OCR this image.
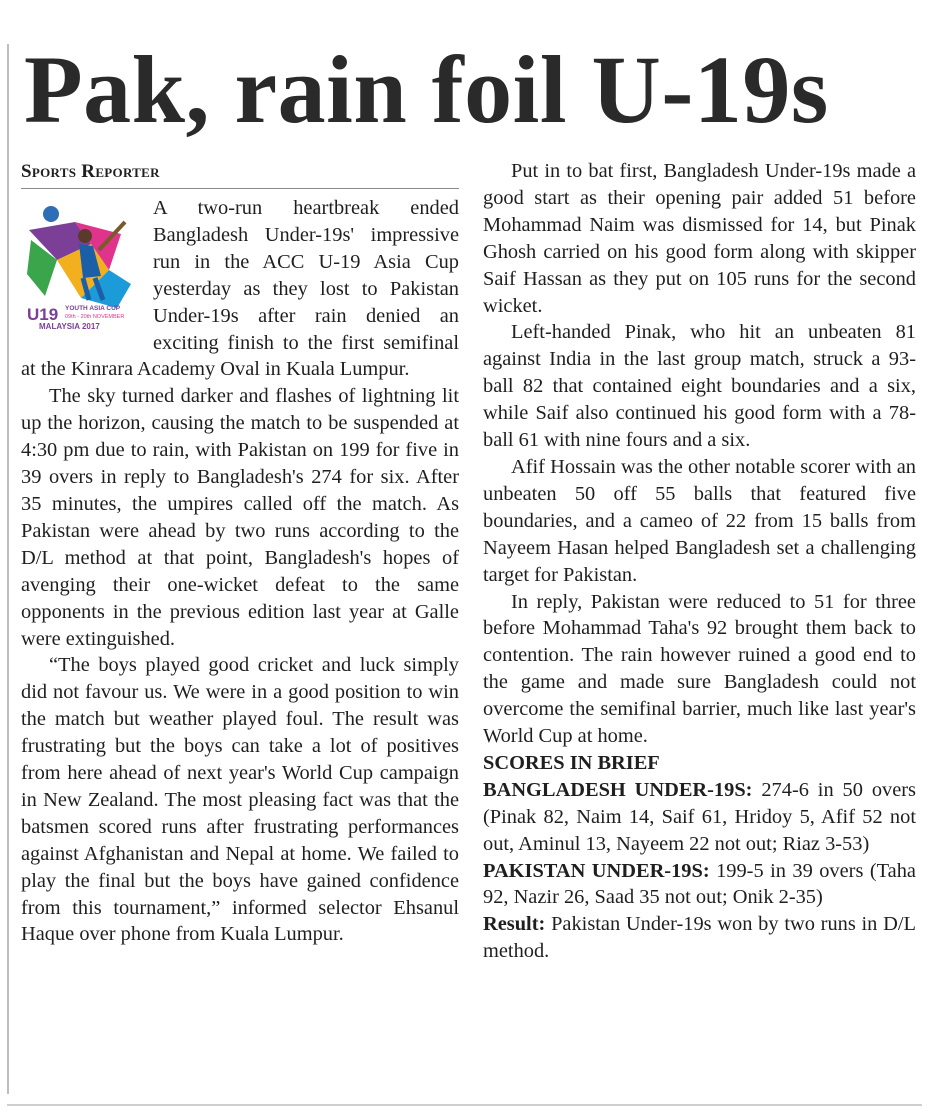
Pak, rain foil U-19s

Sports Reporter

U19 YOUTH ASIA CUP
09th - 20th NOVEMBER
MALAYSIA 2017

A two-run heartbreak ended Bangladesh Under-19s' impressive run in the ACC U-19 Asia Cup yesterday as they lost to Pakistan Under-19s after rain denied an exciting finish to the first semifinal at the Kinrara Academy Oval in Kuala Lumpur.

The sky turned darker and flashes of lightning lit up the horizon, causing the match to be suspended at 4:30 pm due to rain, with Pakistan on 199 for five in 39 overs in reply to Bangladesh's 274 for six. After 35 minutes, the umpires called off the match. As Pakistan were ahead by two runs according to the D/L method at that point, Bangladesh's hopes of avenging their one-wicket defeat to the same opponents in the previous edition last year at Galle were extinguished.

“The boys played good cricket and luck simply did not favour us. We were in a good position to win the match but weather played foul. The result was frustrating but the boys can take a lot of positives from here ahead of next year's World Cup campaign in New Zealand. The most pleasing fact was that the batsmen scored runs after frustrating performances against Afghanistan and Nepal at home. We failed to play the final but the boys have gained confidence from this tournament,” informed selector Ehsanul Haque over phone from Kuala Lumpur.

Put in to bat first, Bangladesh Under-19s made a good start as their opening pair added 51 before Mohammad Naim was dismissed for 14, but Pinak Ghosh carried on his good form along with skipper Saif Hassan as they put on 105 runs for the second wicket.

Left-handed Pinak, who hit an unbeaten 81 against India in the last group match, struck a 93-ball 82 that contained eight boundaries and a six, while Saif also continued his good form with a 78-ball 61 with nine fours and a six.

Afif Hossain was the other notable scorer with an unbeaten 50 off 55 balls that featured five boundaries, and a cameo of 22 from 15 balls from Nayeem Hasan helped Bangladesh set a challenging target for Pakistan.

In reply, Pakistan were reduced to 51 for three before Mohammad Taha's 92 brought them back to contention. The rain however ruined a good end to the game and made sure Bangladesh could not overcome the semifinal barrier, much like last year's World Cup at home.

SCORES IN BRIEF

BANGLADESH UNDER-19S: 274-6 in 50 overs (Pinak 82, Naim 14, Saif 61, Hridoy 5, Afif 52 not out, Aminul 13, Nayeem 22 not out; Riaz 3-53)

PAKISTAN UNDER-19S: 199-5 in 39 overs (Taha 92, Nazir 26, Saad 35 not out; Onik 2-35)

Result: Pakistan Under-19s won by two runs in D/L method.
